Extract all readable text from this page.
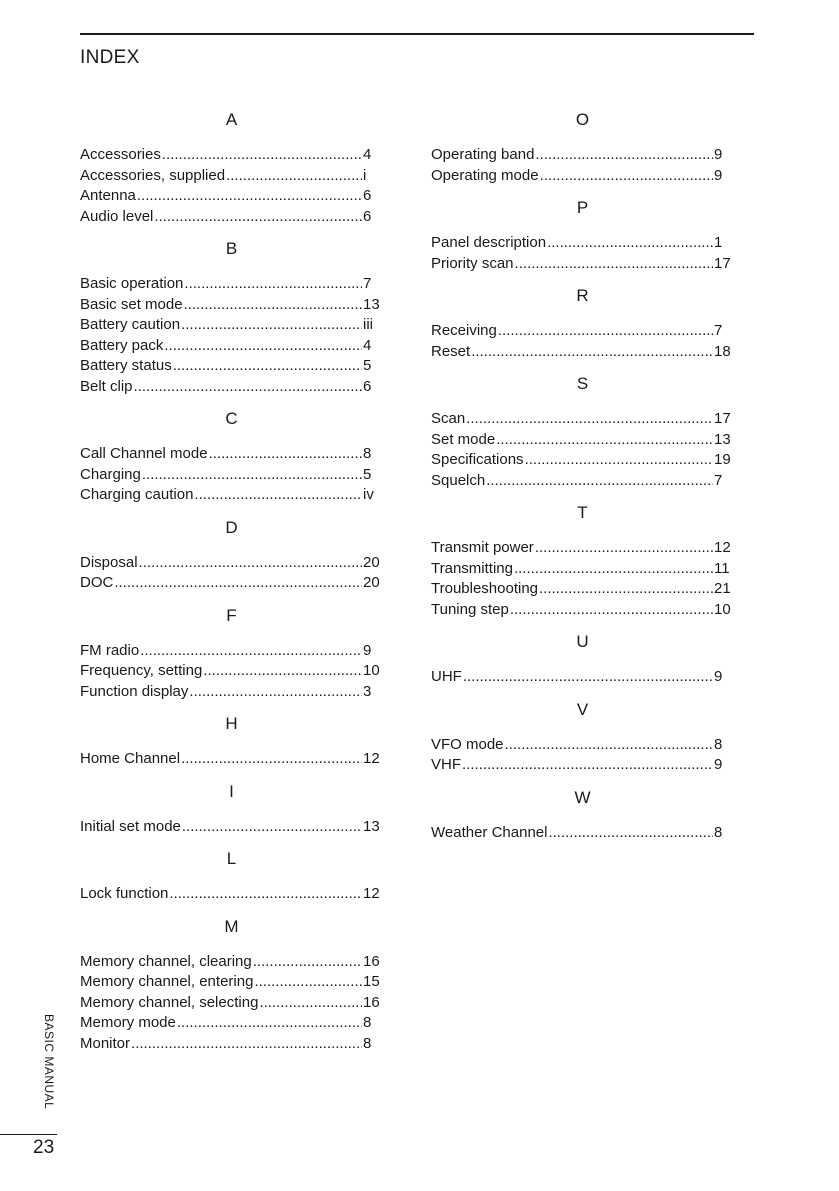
INDEX
A
Accessories .....	4
Accessories, supplied .....	i
Antenna .....	6
Audio level .....	6
B
Basic operation .....	7
Basic set mode .....	13
Battery caution .....	iii
Battery pack .....	4
Battery status .....	5
Belt clip .....	6
C
Call Channel mode .....	8
Charging .....	5
Charging caution .....	iv
D
Disposal .....	20
DOC .....	20
F
FM radio .....	9
Frequency, setting .....	10
Function display .....	3
H
Home Channel .....	12
I
Initial set mode .....	13
L
Lock function .....	12
M
Memory channel, clearing .....	16
Memory channel, entering .....	15
Memory channel, selecting .....	16
Memory mode .....	8
Monitor .....	8
O
Operating band .....	9
Operating mode .....	9
P
Panel description .....	1
Priority scan .....	17
R
Receiving .....	7
Reset .....	18
S
Scan .....	17
Set mode .....	13
Specifications .....	19
Squelch .....	7
T
Transmit power .....	12
Transmitting .....	11
Troubleshooting .....	21
Tuning step .....	10
U
UHF .....	9
V
VFO mode .....	8
VHF .....	9
W
Weather Channel .....	8
BASIC MANUAL
23
